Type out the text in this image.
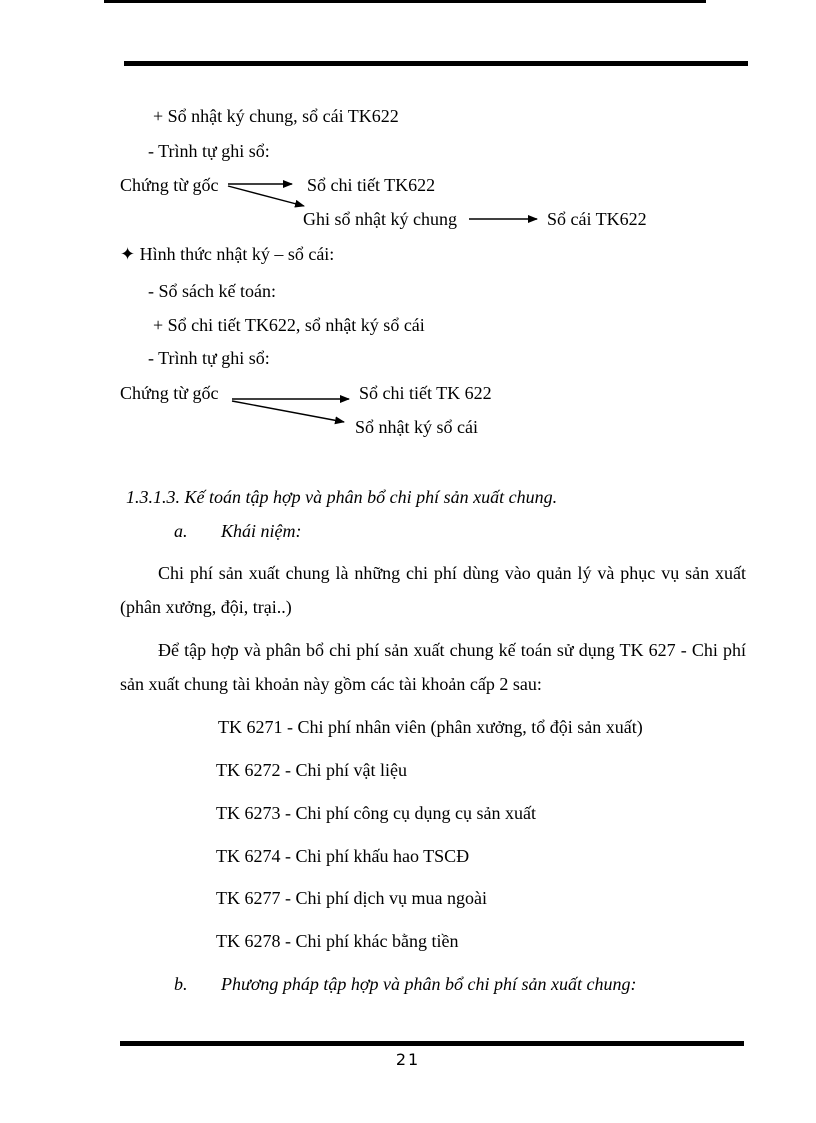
+ Sổ nhật ký chung, sổ cái TK622
- Trình tự ghi sổ:
Chứng từ gốc	Sổ chi tiết TK622
Ghi sổ nhật ký chung	Sổ cái TK622
✦ Hình thức nhật ký – sổ cái:
- Sổ sách kế toán:
+ Sổ chi tiết TK622, sổ nhật ký sổ cái
- Trình tự ghi sổ:
Chứng từ gốc	Sổ chi tiết TK 622
Sổ nhật ký sổ cái
1.3.1.3. Kế toán tập hợp và phân bổ chi phí sản xuất chung.
a. Khái niệm:
Chi phí sản xuất chung là những chi phí dùng vào quản lý và phục vụ sản xuất (phân xưởng, đội, trại..)
Để tập hợp và phân bổ chi phí sản xuất chung kế toán sử dụng TK 627 - Chi phí sản xuất chung tài khoản này gồm các tài khoản cấp 2 sau:
TK 6271 - Chi phí nhân viên (phân xưởng, tổ đội sản xuất)
TK 6272 - Chi phí vật liệu
TK 6273 - Chi phí công cụ dụng cụ sản xuất
TK 6274 - Chi phí khấu hao TSCĐ
TK 6277 - Chi phí dịch vụ mua ngoài
TK 6278 - Chi phí khác bằng tiền
b. Phương pháp tập hợp và phân bổ chi phí sản xuất chung:
21
